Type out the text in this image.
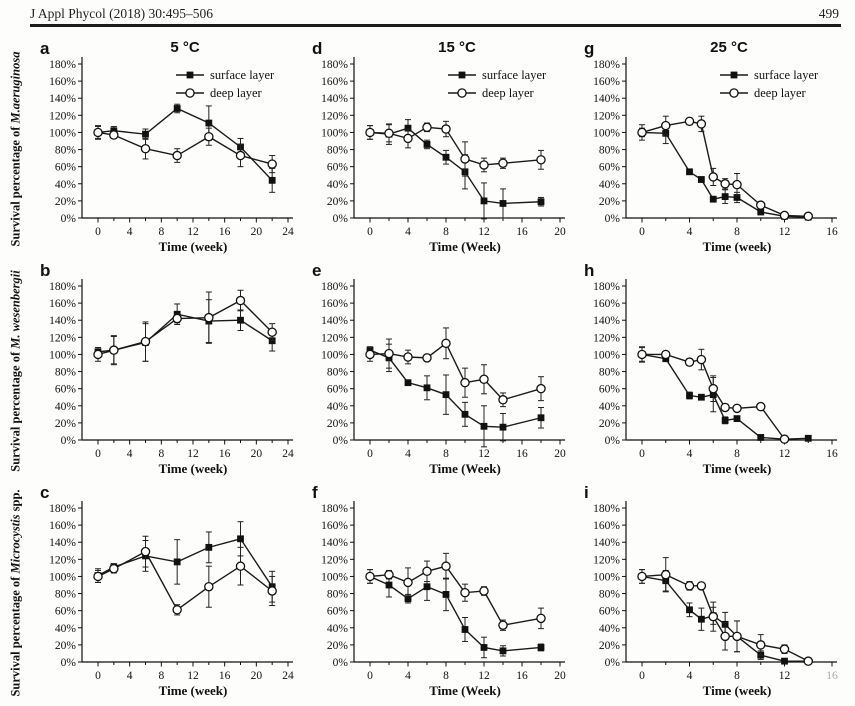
J Appl Phycol (2018) 30:495–506	499
Survival percentage of M.aeruginosa
Survival percentage of M. wesenbergii
Survival percentage of Microcystis spp.
a	5 °C
0%
20%
40%
60%
80%
100%
120%
140%
160%
180%
0 4 8 12 16 20 24
Time (week)
surface layer
deep layer
d	15 °C
0%
20%
40%
60%
80%
100%
120%
140%
160%
180%
0	4	8	12 16 20
Time (Week)
surface layer
deep layer
g	25 °C
0%
20%
40%
60%
80%
100%
120%
140%
160%
180%
0	4	8	12	16
Time (week)
surface layer
deep layer
b
0%
20%
40%
60%
80%
100%
120%
140%
160%
180%
0 4 8 12 16 20 24
Time (week)
e
0%
20%
40%
60%
80%
100%
120%
140%
160%
180%
0	4	8	12 16 20
Time (Week)
h
0%
20%
40%
60%
80%
100%
120%
140%
160%
180%
0	4	8	12	16
Time (week)
c
0%
20%
40%
60%
80%
100%
120%
140%
160%
180%
0 4 8 12 16 20 24
Time (week)
f
0%
20%
40%
60%
80%
100%
120%
140%
160%
180%
0	4	8	12 16 20
Time (Week)
i
0%
20%
40%
60%
80%
100%
120%
140%
160%
180%
0	4	8	12	16
Time (week)
